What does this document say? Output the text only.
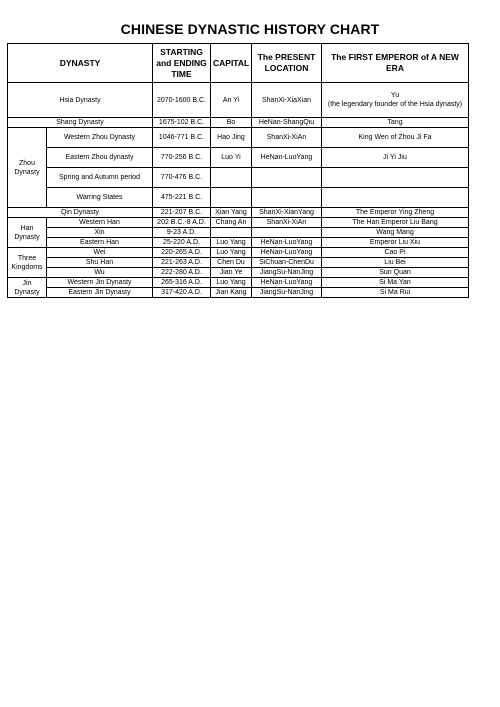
CHINESE DYNASTIC HISTORY CHART
DYNASTY		STARTING and ENDING TIME	CAPITAL	The PRESENT LOCATION	The FIRST EMPEROR of A NEW ERA
Hsia Dynasty		2070-1600 B.C.	An Yi	ShanXi-XiaXian	Yu
(the legendary founder of the Hsia dynasty)

Shang Dynasty		1675-102 B.C.	Bo	HeNan-ShangQiu	Tang
Zhou Dynasty	Western Zhou Dynasty	1046-771 B.C.	Hao Jing	ShanXi-XiAn	King Wen of Zhou Ji Fa
	Eastern Zhou dynasty	770-256 B.C.	Luo Yi	HeNan-LuoYang	Ji Yi Jiu
	Spring and Autumn period	770-476 B.C.			
	Warring States	475-221 B.C.			
Qin Dynasty		221-207 B.C.	Xian Yang	ShanXi-XianYang	The Emperor Ying Zheng
Han Dynasty	Western Han	202 B.C.-8 A.D.	Chang An	ShanXi-XiAn	The Han Emperor Liu Bang
	Xin	9-23 A.D.			Wang Mang
	Eastern Han	25-220 A.D.	Luo Yang	HeNan-LuoYang	Emperor Liu Xiu
Three Kingdoms	Wei	220-265 A.D.	Luo Yang	HeNan-LuoYang	Cao Pi
	Shu Han	221-263 A.D.	Chen Du	SiChuan-ChenDu	Liu Bei
	Wu	222-280 A.D.	Jian Ye	JiangSu-NanJing	Sun Quan
Jin Dynasty	Western Jin Dynasty	265-316 A.D.	Luo Yang	HeNan-LuoYang	Si Ma Yan
	Eastern Jin Dynasty	317-420 A.D.	Jian Kang	JiangSu-NanJing	Si Ma Rui
